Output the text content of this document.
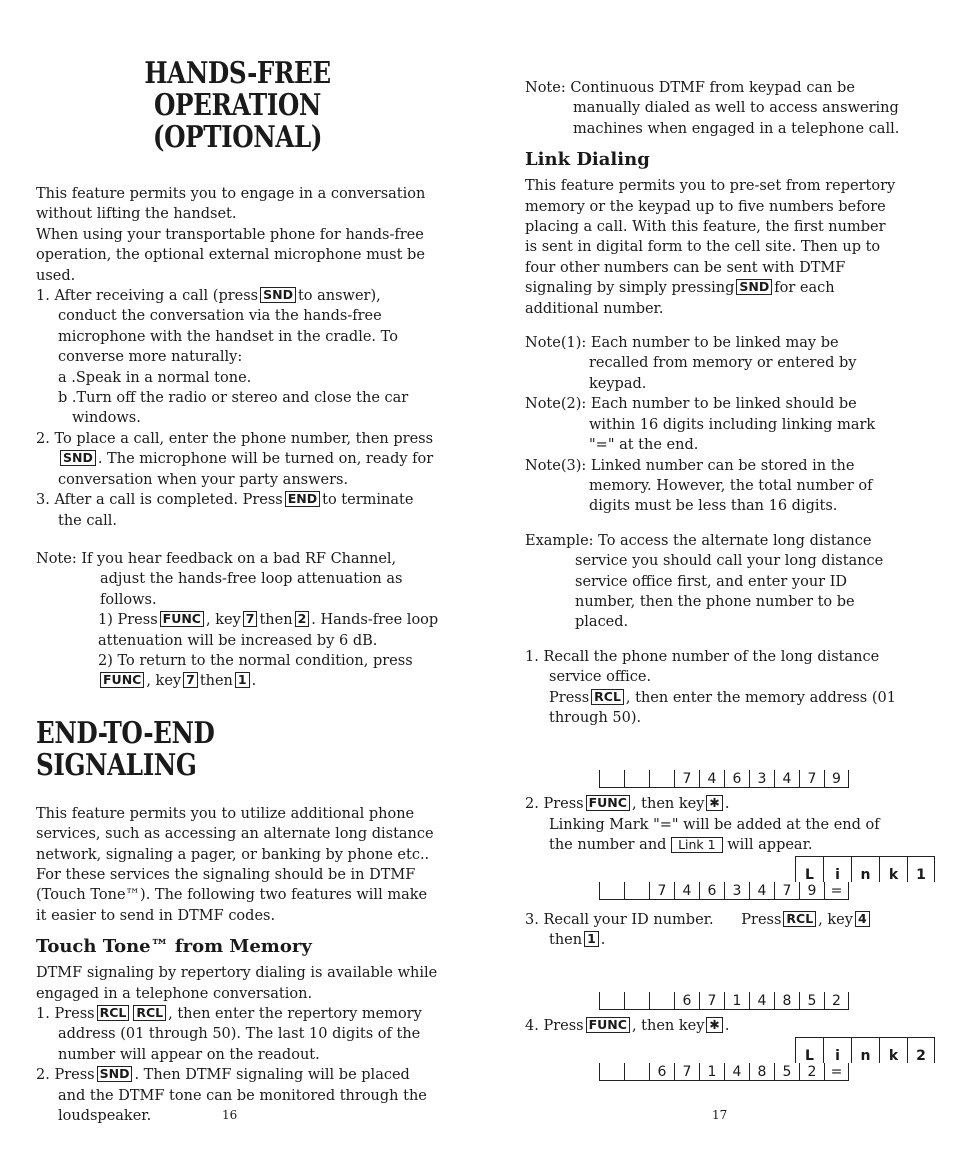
HANDS-FREE OPERATION
(OPTIONAL)

This feature permits you to engage in a conversation without lifting the handset.

When using your transportable phone for hands-free operation, the optional external microphone must be used.

1. After receiving a call (press SND to answer), conduct the conversation via the hands-free microphone with the handset in the cradle. To converse more naturally:

a .Speak in a normal tone.

b .Turn off the radio or stereo and close the car windows.

2. To place a call, enter the phone number, then pressSND . The microphone will be turned on, ready for conversation when your party answers.

3. After a call is completed. Press END to terminate the call.

Note: If you hear feedback on a bad RF Channel, adjust the hands-free loop attenuation as follows.

1) Press FUNC , key 7 then 2 . Hands-free loop attenuation will be increased by 6 dB.

2) To return to the normal condition, pressFUNC , key 7 then 1 .

END-TO-END SIGNALING

This feature permits you to utilize additional phone services, such as accessing an alternate long distance network, signaling a pager, or banking by phone etc.. For these services the signaling should be in DTMF (Touch Tone™). The following two features will make it easier to send in DTMF codes.

Touch Tone™ from Memory

DTMF signaling by repertory dialing is available while engaged in a telephone conversation.

1. Press RCL RCL , then enter the repertory memory address (01 through 50). The last 10 digits of the number will appear on the readout.

2. Press SND . Then DTMF signaling will be placed and the DTMF tone can be monitored through the loudspeaker.	16

Note: Continuous DTMF from keypad can be manually dialed as well to access answering machines when engaged in a telephone call.

Link Dialing

This feature permits you to pre-set from repertory memory or the keypad up to five numbers before placing a call. With this feature, the first number is sent in digital form to the cell site. Then up to four other numbers can be sent with DTMF signaling by simply pressing SND for each additional number.

Note(1): Each number to be linked may be recalled from memory or entered by keypad.

Note(2): Each number to be linked should be within 16 digits including linking mark "=" at the end.

Note(3): Linked number can be stored in the memory. However, the total number of digits must be less than 16 digits.

Example: To access the alternate long distance service you should call your long distance service office first, and enter your ID number, then the phone number to be placed.

1. Recall the phone number of the long distance service office.

Press RCL , then enter the memory address (01 through 50).

7	4	6	3	4	7	9

2. Press FUNC , then key ✱ .

Linking Mark "=" will be added at the end of the number and Link 1 will appear.

L	i	n	k	1
7	4	6	3	4	7	9	=

3. Recall your ID number. Press RCL , key 4 then 1 .

6	7	1	4	8	5	2

4. Press FUNC , then key ✱ .

L	i	n	k	2
6	7	1	4	8	5	2	=
17
